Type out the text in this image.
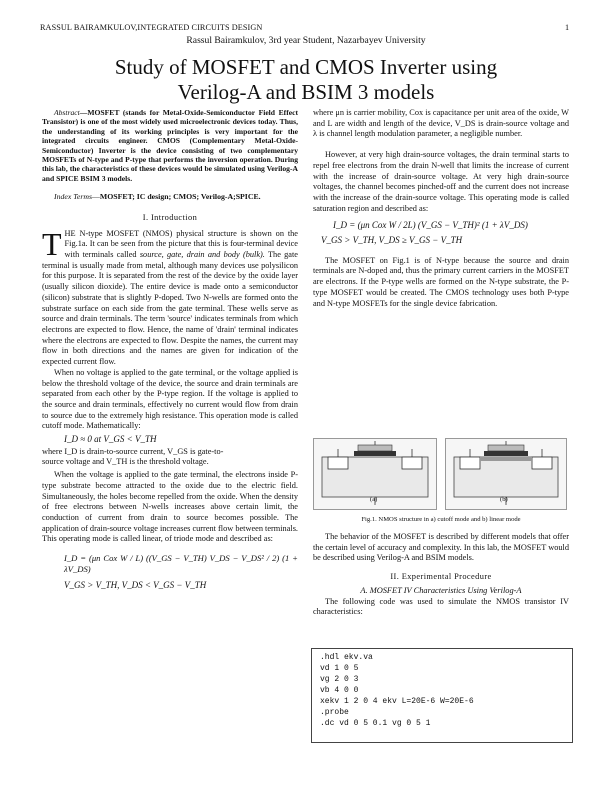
RASSUL BAIRAMKULOV,INTEGRATED CIRCUITS DESIGN	1
Rassul Bairamkulov, 3rd year Student, Nazarbayev University
Study of MOSFET and CMOS Inverter using
Verilog-A and BSIM 3 models

Abstract—MOSFET (stands for Metal-Oxide-Semiconductor Field Effect Transistor) is one of the most widely used microelectronic devices today. Thus, the understanding of its working principles is very important for the integrated circuits engineer. CMOS (Complementary Metal-Oxide-Semiconductor) Inverter is the device consisting of two complementary MOSFETs of N-type and P-type that performs the inversion operation. During this lab, the characteristics of these devices would be simulated using Verilog-A and SPICE BSIM 3 models.

Index Terms—MOSFET; IC design; CMOS; Verilog-A;SPICE.

I. Introduction

THE N-type MOSFET (NMOS) physical structure is shown on the Fig.1a. It can be seen from the picture that this is four-terminal device with terminals called source, gate, drain and body (bulk). The gate terminal is usually made from metal, although many devices use polysilicon for this purpose. It is separated from the rest of the device by the oxide layer (usually silicon dioxide). The entire device is made onto a semiconductor (silicon) substrate that is slightly P-doped. Two N-wells are formed onto the substrate surface on each side from the gate terminal. These wells serve as source and drain terminals. The term 'source' indicates terminals from which electrons are expected to flow. Hence, the name of 'drain' terminal indicates where the electrons are expected to flow. Despite the names, the current may flow in both directions and the names are given for indication of the expected current flow.

When no voltage is applied to the gate terminal, or the voltage applied is below the threshold voltage of the device, the source and drain terminals are separated from each other by the P-type region. If the voltage is applied to the source and drain terminals, effectively no current would flow from drain to source due to the extremely high resistance. This operation mode is called cutoff mode. Mathematically:

I_D ≈ 0 at V_GS < V_TH
where I_D is drain-to-source current, V_GS is gate-to-
source voltage and V_TH is the threshold voltage.

When the voltage is applied to the gate terminal, the electrons inside P-type substrate become attracted to the oxide due to the electric field. Simultaneously, the holes become repelled from the oxide. When the density of free electrons between N-wells increases above certain limit, the conduction of current from drain to source becomes possible. The application of drain-source voltage increases current flow between terminals. This operating mode is called linear, of triode mode and described as:

I_D = (μn Cox W / L) ((V_GS − V_TH) V_DS − V_DS² / 2) (1 + λV_DS)
V_GS > V_TH, V_DS < V_GS − V_TH

where μn is carrier mobility, Cox is capacitance per unit area of the oxide, W and L are width and length of the device, V_DS is drain-source voltage and λ is channel length modulation parameter, a negligible number.

However, at very high drain-source voltages, the drain terminal starts to repel free electrons from the drain N-well that limits the increase of current with the increase of drain-source voltage. At very high drain-source voltages, the channel becomes pinched-off and the current does not increase with the increase of the drain-source voltage. This operating mode is called saturation region and described as:

I_D = (μn Cox W / 2L) (V_GS − V_TH)² (1 + λV_DS)
V_GS > V_TH, V_DS ≥ V_GS − V_TH

The MOSFET on Fig.1 is of N-type because the source and drain terminals are N-doped and, thus the primary current carriers in the MOSFET are electrons. If the P-type wells are formed on the N-type substrate, the P-type MOSFET would be created. The CMOS technology uses both P-type and N-type MOSFETs for the single device fabrication.

(a)	(b)
Fig.1. NMOS structure in a) cutoff mode and b) linear mode

The behavior of the MOSFET is described by different models that offer the certain level of accuracy and complexity. In this lab, the MOSFET would be described using Verilog-A and BSIM models.

II. Experimental Procedure
A. MOSFET IV Characteristics Using Verilog-A

The following code was used to simulate the NMOS transistor IV characteristics:

.hdl ekv.va
vd 1 0 5
vg 2 0 3
vb 4 0 0
xekv 1 2 0 4 ekv L=20E-6 W=20E-6
.probe
.dc vd 0 5 0.1 vg 0 5 1
